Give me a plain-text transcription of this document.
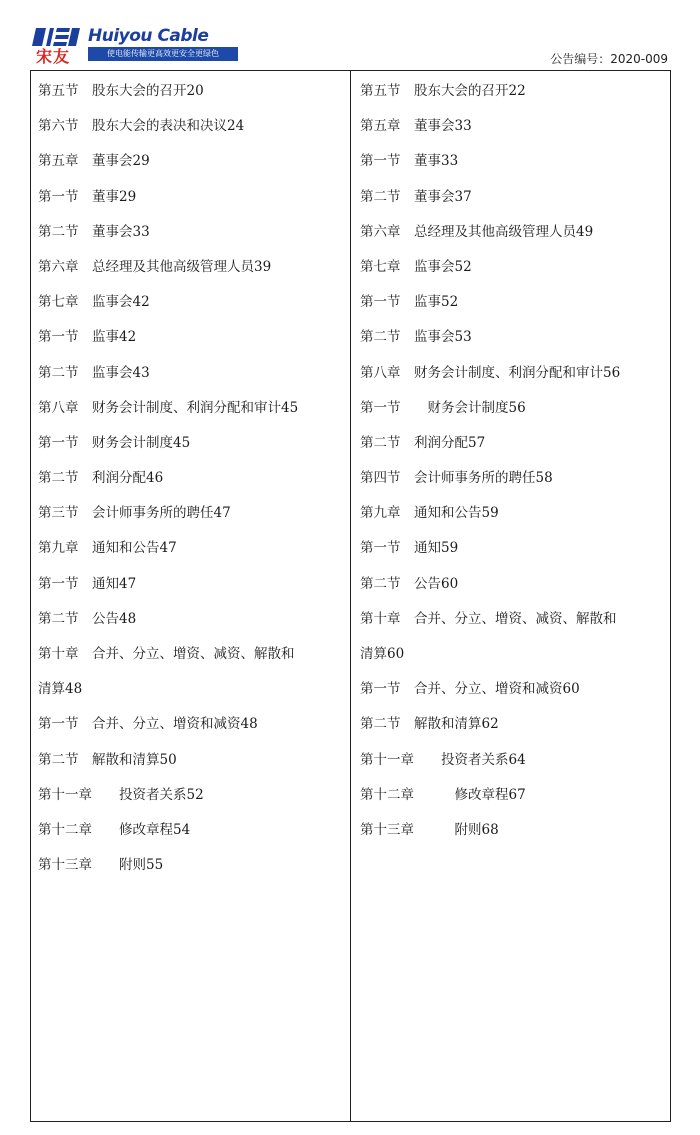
宋友
Huiyou Cable
使电能传输更高效更安全更绿色	公告编号：2020-009
第五节　股东大会的召开20
第六节　股东大会的表决和决议24
第五章　董事会29
第一节　董事29
第二节　董事会33
第六章　总经理及其他高级管理人员39
第七章　监事会42
第一节　监事42
第二节　监事会43
第八章　财务会计制度、利润分配和审计45
第一节　财务会计制度45
第二节　利润分配46
第三节　会计师事务所的聘任47
第九章　通知和公告47
第一节　通知47
第二节　公告48
第十章　合并、分立、增资、减资、解散和
清算48
第一节　合并、分立、增资和减资48
第二节　解散和清算50
第十一章　　投资者关系52
第十二章　　修改章程54
第十三章　　附则55
第五节　股东大会的召开22
第五章　董事会33
第一节　董事33
第二节　董事会37
第六章　总经理及其他高级管理人员49
第七章　监事会52
第一节　监事52
第二节　监事会53
第八章　财务会计制度、利润分配和审计56
第一节　　财务会计制度56
第二节　利润分配57
第四节　会计师事务所的聘任58
第九章　通知和公告59
第一节　通知59
第二节　公告60
第十章　合并、分立、增资、减资、解散和
清算60
第一节　合并、分立、增资和减资60
第二节　解散和清算62
第十一章　　投资者关系64
第十二章　　　修改章程67
第十三章　　　附则68
